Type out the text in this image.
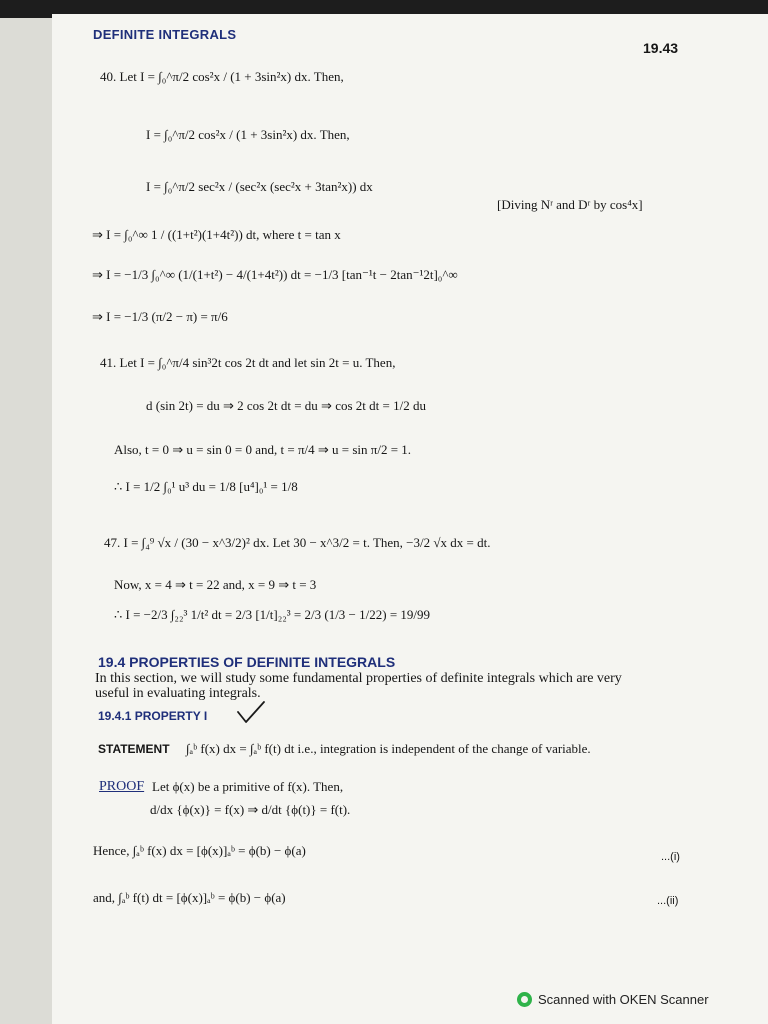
DEFINITE INTEGRALS
19.43
40. Let I = ∫₀^π/2 cos²x / (1 + 3sin²x) dx. Then,
I = ∫₀^π/2 cos²x / (1 + 3sin²x) dx. Then,
I = ∫₀^π/2 sec²x / (sec²x (sec²x + 3tan²x)) dx
[Diving Nʳ and Dʳ by cos⁴x]
⇒ I = ∫₀^∞ 1 / ((1+t²)(1+4t²)) dt, where t = tan x
⇒ I = −1/3 ∫₀^∞ (1/(1+t²) − 4/(1+4t²)) dt = −1/3 [tan⁻¹t − 2tan⁻¹2t]₀^∞
⇒ I = −1/3 (π/2 − π) = π/6
41. Let I = ∫₀^π/4 sin³2t cos 2t dt and let sin 2t = u. Then,
d (sin 2t) = du ⇒ 2 cos 2t dt = du ⇒ cos 2t dt = 1/2 du
Also, t = 0 ⇒ u = sin 0 = 0 and, t = π/4 ⇒ u = sin π/2 = 1.
∴ I = 1/2 ∫₀¹ u³ du = 1/8 [u⁴]₀¹ = 1/8
47. I = ∫₄⁹ √x / (30 − x^3/2)² dx. Let 30 − x^3/2 = t. Then, −3/2 √x dx = dt.
Now, x = 4 ⇒ t = 22 and, x = 9 ⇒ t = 3
∴ I = −2/3 ∫₂₂³ 1/t² dt = 2/3 [1/t]₂₂³ = 2/3 (1/3 − 1/22) = 19/99
19.4 PROPERTIES OF DEFINITE INTEGRALS
In this section, we will study some fundamental properties of definite integrals which are very
useful in evaluating integrals.
19.4.1 PROPERTY I
STATEMENT ∫ₐᵇ f(x) dx = ∫ₐᵇ f(t) dt i.e., integration is independent of the change of variable.
PROOF Let ϕ(x) be a primitive of f(x). Then,
d/dx {ϕ(x)} = f(x) ⇒ d/dt {ϕ(t)} = f(t).
Hence, ∫ₐᵇ f(x) dx = [ϕ(x)]ₐᵇ = ϕ(b) − ϕ(a)	...(i)
and, ∫ₐᵇ f(t) dt = [ϕ(x)]ₐᵇ = ϕ(b) − ϕ(a)	...(ii)
Scanned with OKEN Scanner
